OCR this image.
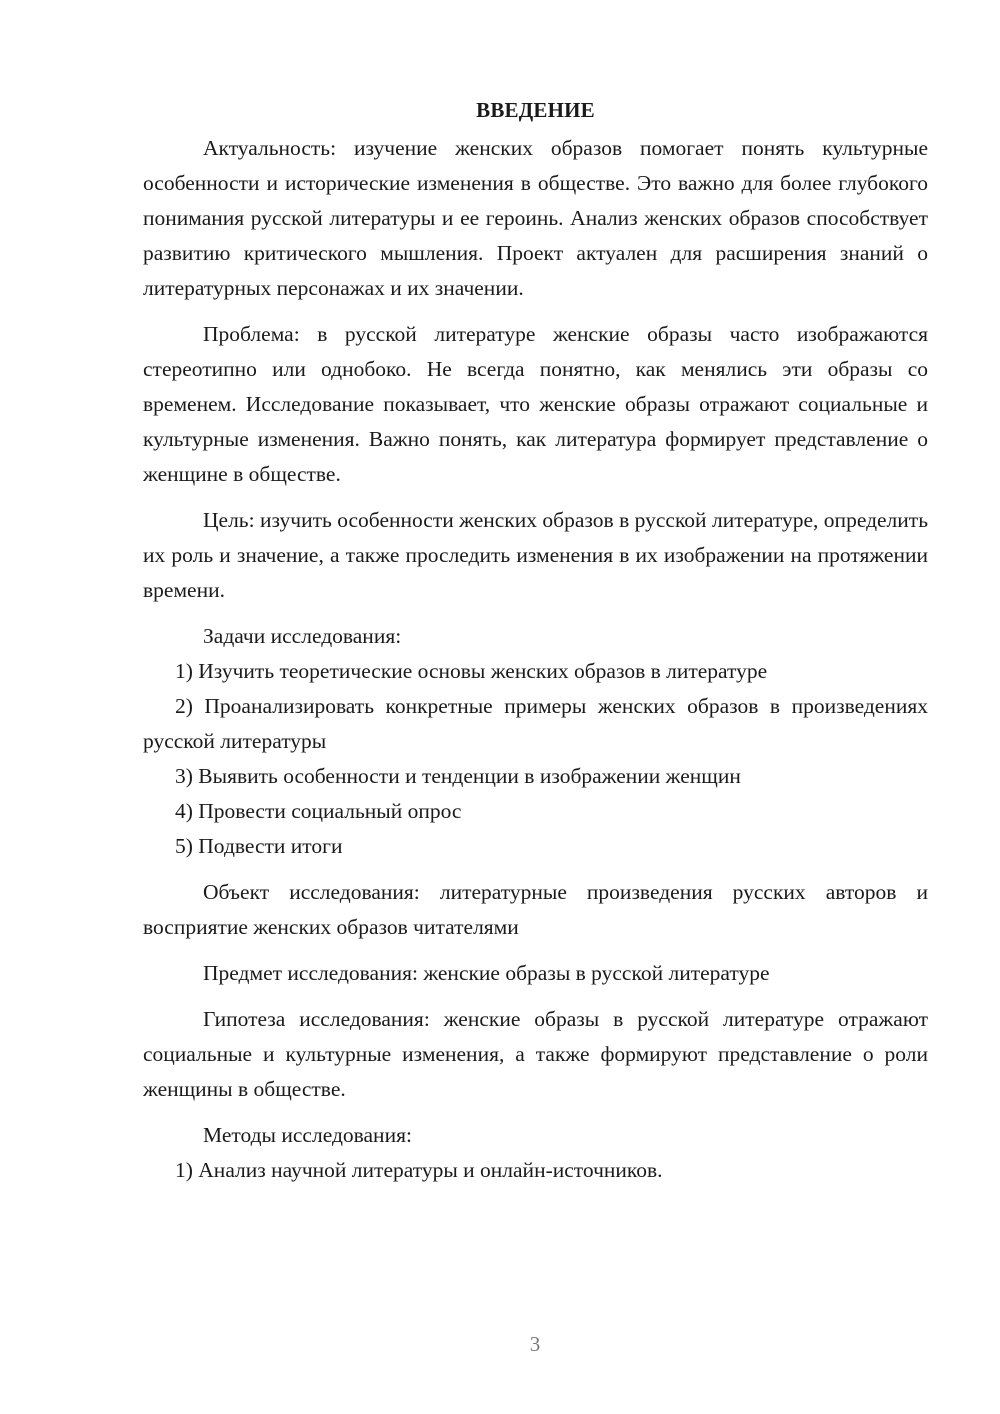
ВВЕДЕНИЕ

Актуальность: изучение женских образов помогает понять культурные особенности и исторические изменения в обществе. Это важно для более глубокого понимания русской литературы и ее героинь. Анализ женских образов способствует развитию критического мышления. Проект актуален для расширения знаний о литературных персонажах и их значении.

Проблема: в русской литературе женские образы часто изображаются стереотипно или однобоко. Не всегда понятно, как менялись эти образы со временем. Исследование показывает, что женские образы отражают социальные и культурные изменения. Важно понять, как литература формирует представление о женщине в обществе.

Цель: изучить особенности женских образов в русской литературе, определить их роль и значение, а также проследить изменения в их изображении на протяжении времени.

Задачи исследования:

1) Изучить теоретические основы женских образов в литературе

2) Проанализировать конкретные примеры женских образов в произведениях русской литературы

3) Выявить особенности и тенденции в изображении женщин

4) Провести социальный опрос

5) Подвести итоги

Объект исследования: литературные произведения русских авторов и восприятие женских образов читателями

Предмет исследования: женские образы в русской литературе

Гипотеза исследования: женские образы в русской литературе отражают социальные и культурные изменения, а также формируют представление о роли женщины в обществе.

Методы исследования:

1) Анализ научной литературы и онлайн-источников.

3
